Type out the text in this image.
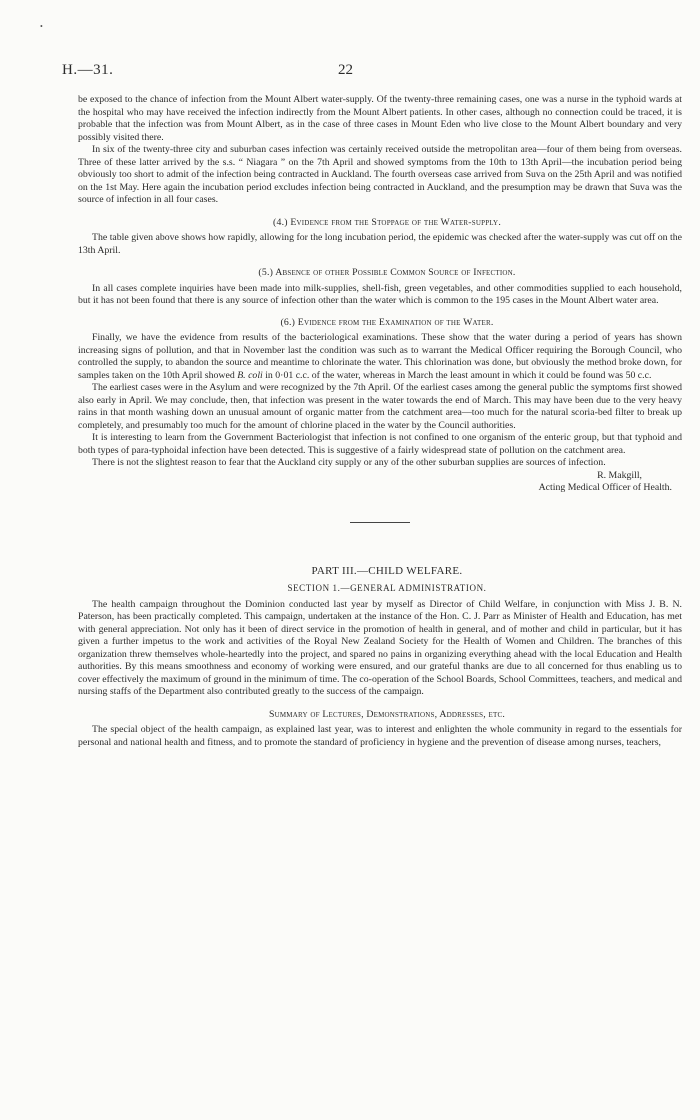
•
H.—31.	22

be exposed to the chance of infection from the Mount Albert water-supply. Of the twenty-three remaining cases, one was a nurse in the typhoid wards at the hospital who may have received the infection indirectly from the Mount Albert patients. In other cases, although no connection could be traced, it is probable that the infection was from Mount Albert, as in the case of three cases in Mount Eden who live close to the Mount Albert boundary and very possibly visited there.

In six of the twenty-three city and suburban cases infection was certainly received outside the metropolitan area—four of them being from overseas. Three of these latter arrived by the s.s. “ Niagara ” on the 7th April and showed symptoms from the 10th to 13th April—the incubation period being obviously too short to admit of the infection being contracted in Auckland. The fourth overseas case arrived from Suva on the 25th April and was notified on the 1st May. Here again the incubation period excludes infection being contracted in Auckland, and the presumption may be drawn that Suva was the source of infection in all four cases.

(4.) Evidence from the Stoppage of the Water-supply.

The table given above shows how rapidly, allowing for the long incubation period, the epidemic was checked after the water-supply was cut off on the 13th April.

(5.) Absence of other Possible Common Source of Infection.

In all cases complete inquiries have been made into milk-supplies, shell-fish, green vegetables, and other commodities supplied to each household, but it has not been found that there is any source of infection other than the water which is common to the 195 cases in the Mount Albert water area.

(6.) Evidence from the Examination of the Water.

Finally, we have the evidence from results of the bacteriological examinations. These show that the water during a period of years has shown increasing signs of pollution, and that in November last the condition was such as to warrant the Medical Officer requiring the Borough Council, who controlled the supply, to abandon the source and meantime to chlorinate the water. This chlorination was done, but obviously the method broke down, for samples taken on the 10th April showed B. coli in 0·01 c.c. of the water, whereas in March the least amount in which it could be found was 50 c.c.

The earliest cases were in the Asylum and were recognized by the 7th April. Of the earliest cases among the general public the symptoms first showed also early in April. We may conclude, then, that infection was present in the water towards the end of March. This may have been due to the very heavy rains in that month washing down an unusual amount of organic matter from the catchment area—too much for the natural scoria-bed filter to break up completely, and presumably too much for the amount of chlorine placed in the water by the Council authorities.

It is interesting to learn from the Government Bacteriologist that infection is not confined to one organism of the enteric group, but that typhoid and both types of para-typhoidal infection have been detected. This is suggestive of a fairly widespread state of pollution on the catchment area.

There is not the slightest reason to fear that the Auckland city supply or any of the other suburban supplies are sources of infection.

R. Makgill,

Acting Medical Officer of Health.

PART III.—CHILD WELFARE.

SECTION 1.—GENERAL ADMINISTRATION.

The health campaign throughout the Dominion conducted last year by myself as Director of Child Welfare, in conjunction with Miss J. B. N. Paterson, has been practically completed. This campaign, undertaken at the instance of the Hon. C. J. Parr as Minister of Health and Education, has met with general appreciation. Not only has it been of direct service in the promotion of health in general, and of mother and child in particular, but it has given a further impetus to the work and activities of the Royal New Zealand Society for the Health of Women and Children. The branches of this organization threw themselves whole-heartedly into the project, and spared no pains in organizing everything ahead with the local Education and Health authorities. By this means smoothness and economy of working were ensured, and our grateful thanks are due to all concerned for thus enabling us to cover effectively the maximum of ground in the minimum of time. The co-operation of the School Boards, School Committees, teachers, and medical and nursing staffs of the Department also contributed greatly to the success of the campaign.

Summary of Lectures, Demonstrations, Addresses, etc.

The special object of the health campaign, as explained last year, was to interest and enlighten the whole community in regard to the essentials for personal and national health and fitness, and to promote the standard of proficiency in hygiene and the prevention of disease among nurses, teachers,
